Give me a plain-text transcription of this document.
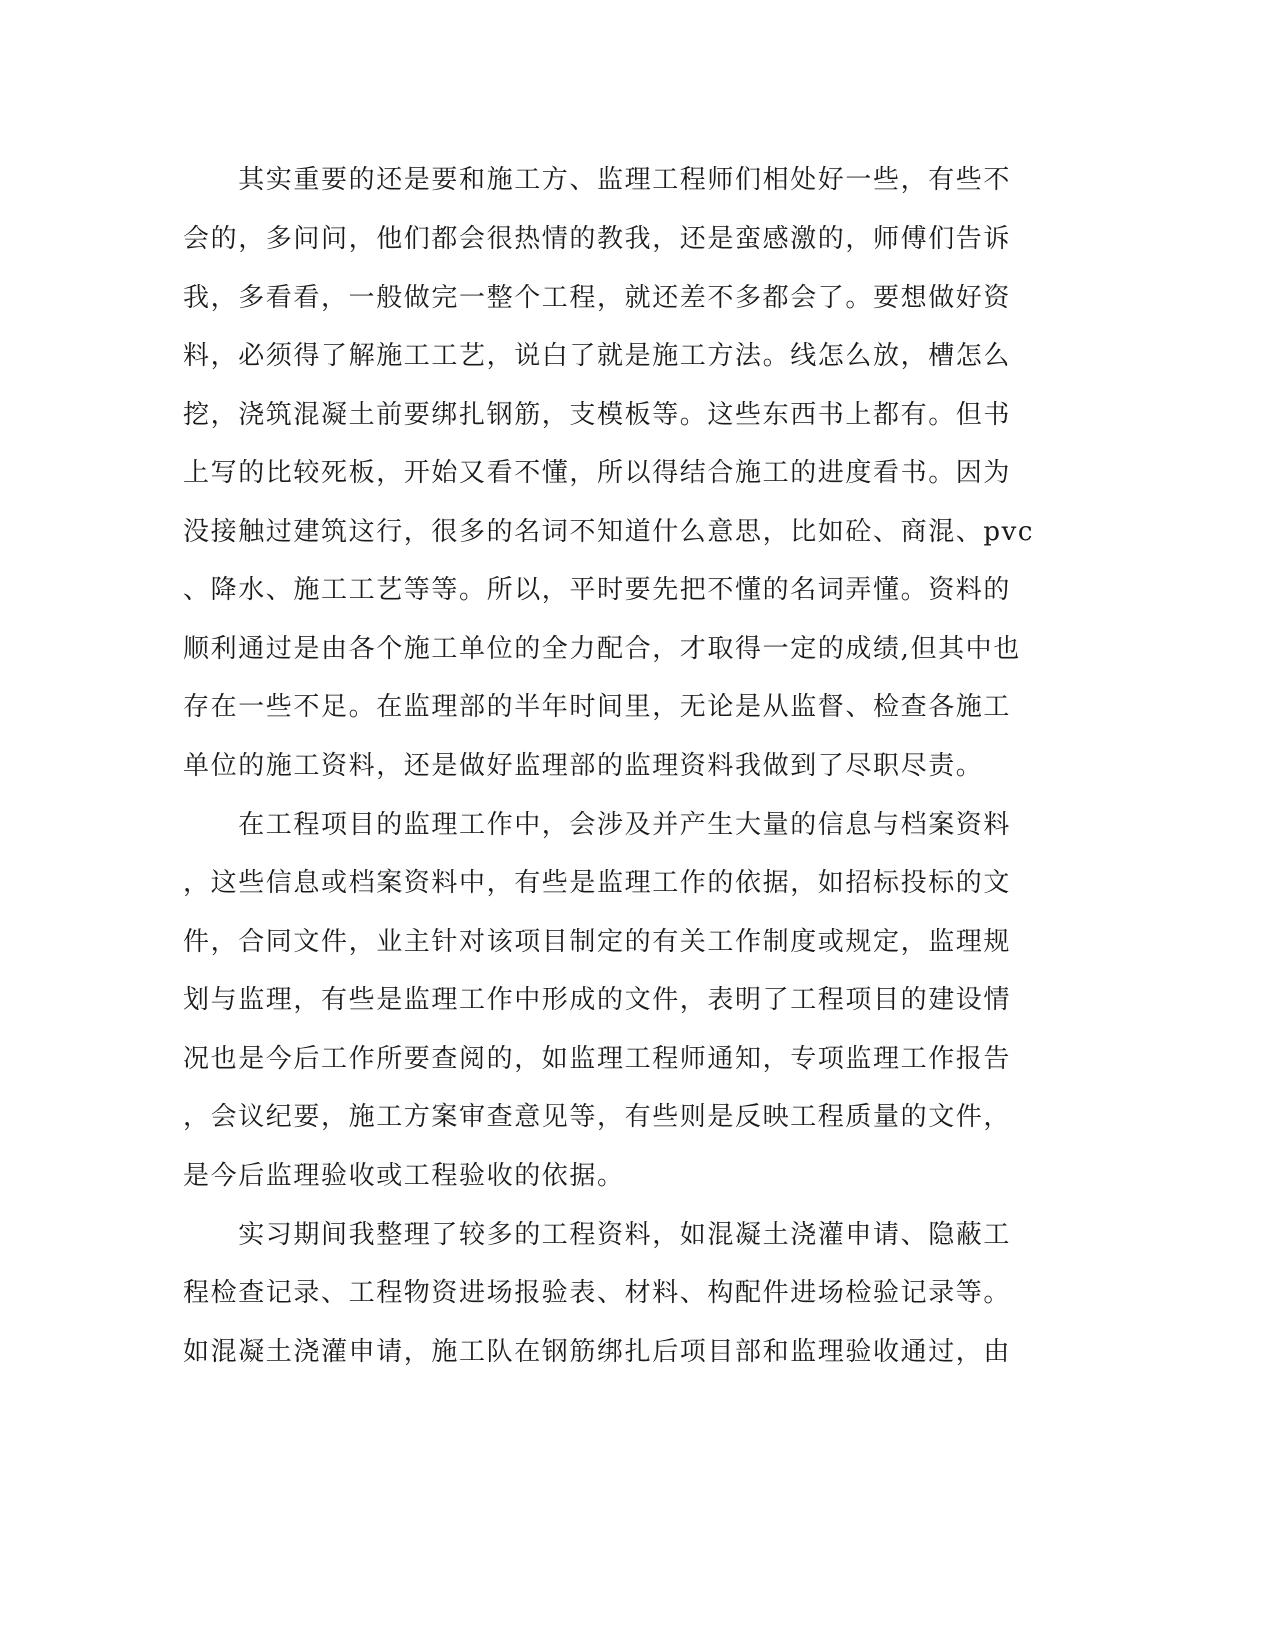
　　其实重要的还是要和施工方、监理工程师们相处好一些，有些不
会的，多问问，他们都会很热情的教我，还是蛮感激的，师傅们告诉
我，多看看，一般做完一整个工程，就还差不多都会了。要想做好资
料，必须得了解施工工艺，说白了就是施工方法。线怎么放，槽怎么
挖，浇筑混凝土前要绑扎钢筋，支模板等。这些东西书上都有。但书
上写的比较死板，开始又看不懂，所以得结合施工的进度看书。因为
没接触过建筑这行，很多的名词不知道什么意思，比如砼、商混、pvc
、降水、施工工艺等等。所以，平时要先把不懂的名词弄懂。资料的
顺利通过是由各个施工单位的全力配合，才取得一定的成绩,但其中也
存在一些不足。在监理部的半年时间里，无论是从监督、检查各施工
单位的施工资料，还是做好监理部的监理资料我做到了尽职尽责。
　　在工程项目的监理工作中，会涉及并产生大量的信息与档案资料
，这些信息或档案资料中，有些是监理工作的依据，如招标投标的文
件，合同文件，业主针对该项目制定的有关工作制度或规定，监理规
划与监理，有些是监理工作中形成的文件，表明了工程项目的建设情
况也是今后工作所要查阅的，如监理工程师通知，专项监理工作报告
，会议纪要，施工方案审查意见等，有些则是反映工程质量的文件，
是今后监理验收或工程验收的依据。
　　实习期间我整理了较多的工程资料，如混凝土浇灌申请、隐蔽工
程检查记录、工程物资进场报验表、材料、构配件进场检验记录等。
如混凝土浇灌申请，施工队在钢筋绑扎后项目部和监理验收通过，由
